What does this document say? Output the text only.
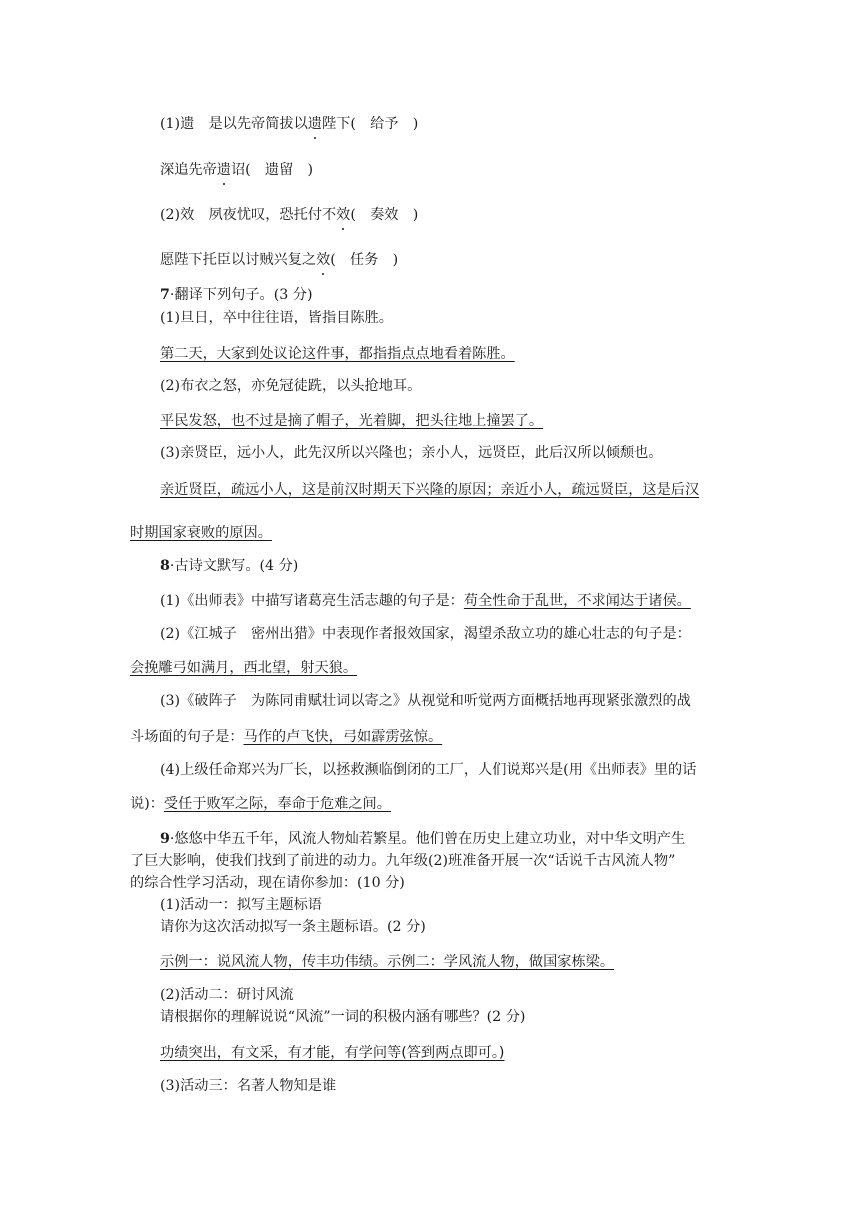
(1)遗　是以先帝简拔以遗陛下(　给予　)
深追先帝遗诏(　遗留　)
(2)效　夙夜忧叹，恐托付不效(　奏效　)
愿陛下托臣以讨贼兴复之效(　任务　)
7·翻译下列句子。(3 分)
(1)旦日，卒中往往语，皆指目陈胜。
第二天，大家到处议论这件事，都指指点点地看着陈胜。
(2)布衣之怒，亦免冠徒跣，以头抢地耳。
平民发怒，也不过是摘了帽子，光着脚，把头往地上撞罢了。
(3)亲贤臣，远小人，此先汉所以兴隆也；亲小人，远贤臣，此后汉所以倾颓也。
亲近贤臣，疏远小人，这是前汉时期天下兴隆的原因；亲近小人，疏远贤臣，这是后汉
时期国家衰败的原因。
8·古诗文默写。(4 分)
(1)《出师表》中描写诸葛亮生活志趣的句子是：苟全性命于乱世，不求闻达于诸侯。
(2)《江城子　密州出猎》中表现作者报效国家，渴望杀敌立功的雄心壮志的句子是：
会挽雕弓如满月，西北望，射天狼。
(3)《破阵子　为陈同甫赋壮词以寄之》从视觉和听觉两方面概括地再现紧张激烈的战
斗场面的句子是：马作的卢飞快，弓如霹雳弦惊。
(4)上级任命郑兴为厂长，以拯救濒临倒闭的工厂，人们说郑兴是(用《出师表》里的话
说)：受任于败军之际，奉命于危难之间。
9·悠悠中华五千年，风流人物灿若繁星。他们曾在历史上建立功业，对中华文明产生
了巨大影响，使我们找到了前进的动力。九年级(2)班准备开展一次“话说千古风流人物”
的综合性学习活动，现在请你参加：(10 分)
(1)活动一：拟写主题标语
请你为这次活动拟写一条主题标语。(2 分)
示例一：说风流人物，传丰功伟绩。示例二：学风流人物，做国家栋梁。
(2)活动二：研讨风流
请根据你的理解说说“风流”一词的积极内涵有哪些？(2 分)
功绩突出，有文采，有才能，有学问等(答到两点即可。)
(3)活动三：名著人物知是谁
